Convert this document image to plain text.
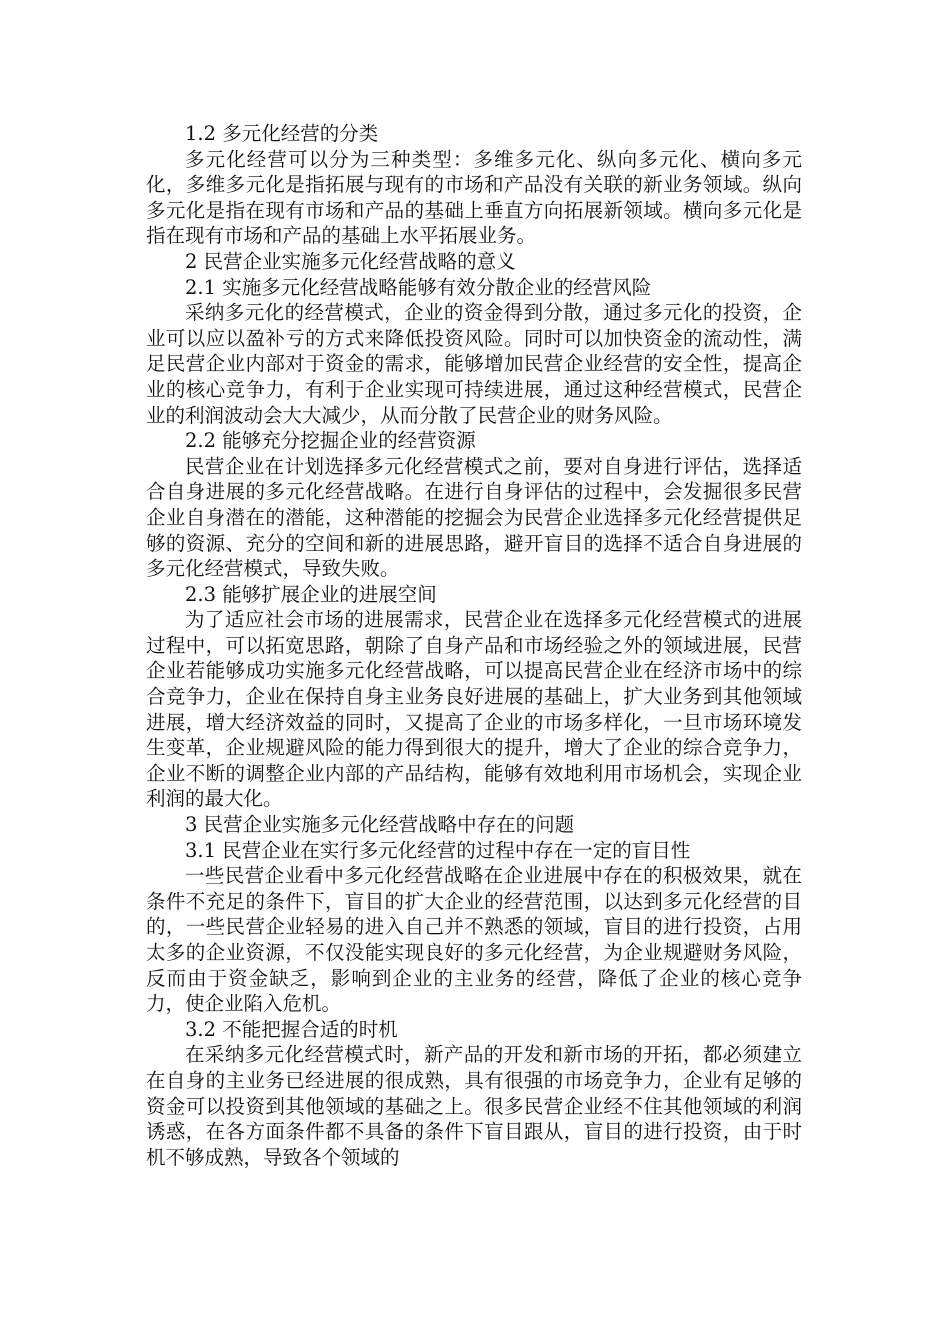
1.2 多元化经营的分类

多元化经营可以分为三种类型：多维多元化、纵向多元化、横向多元化，多维多元化是指拓展与现有的市场和产品没有关联的新业务领域。纵向多元化是指在现有市场和产品的基础上垂直方向拓展新领域。横向多元化是指在现有市场和产品的基础上水平拓展业务。

2 民营企业实施多元化经营战略的意义

2.1 实施多元化经营战略能够有效分散企业的经营风险

采纳多元化的经营模式，企业的资金得到分散，通过多元化的投资，企业可以应以盈补亏的方式来降低投资风险。同时可以加快资金的流动性，满足民营企业内部对于资金的需求，能够增加民营企业经营的安全性，提高企业的核心竞争力，有利于企业实现可持续进展，通过这种经营模式，民营企业的利润波动会大大减少，从而分散了民营企业的财务风险。

2.2 能够充分挖掘企业的经营资源

民营企业在计划选择多元化经营模式之前，要对自身进行评估，选择适合自身进展的多元化经营战略。在进行自身评估的过程中，会发掘很多民营企业自身潜在的潜能，这种潜能的挖掘会为民营企业选择多元化经营提供足够的资源、充分的空间和新的进展思路，避开盲目的选择不适合自身进展的多元化经营模式，导致失败。

2.3 能够扩展企业的进展空间

为了适应社会市场的进展需求，民营企业在选择多元化经营模式的进展过程中，可以拓宽思路，朝除了自身产品和市场经验之外的领域进展，民营企业若能够成功实施多元化经营战略，可以提高民营企业在经济市场中的综合竞争力，企业在保持自身主业务良好进展的基础上，扩大业务到其他领域进展，增大经济效益的同时，又提高了企业的市场多样化，一旦市场环境发生变革，企业规避风险的能力得到很大的提升，增大了企业的综合竞争力，企业不断的调整企业内部的产品结构，能够有效地利用市场机会，实现企业利润的最大化。

3 民营企业实施多元化经营战略中存在的问题

3.1 民营企业在实行多元化经营的过程中存在一定的盲目性

一些民营企业看中多元化经营战略在企业进展中存在的积极效果，就在条件不充足的条件下，盲目的扩大企业的经营范围，以达到多元化经营的目的，一些民营企业轻易的进入自己并不熟悉的领域，盲目的进行投资，占用太多的企业资源，不仅没能实现良好的多元化经营，为企业规避财务风险，反而由于资金缺乏，影响到企业的主业务的经营，降低了企业的核心竞争力，使企业陷入危机。

3.2 不能把握合适的时机

在采纳多元化经营模式时，新产品的开发和新市场的开拓，都必须建立在自身的主业务已经进展的很成熟，具有很强的市场竞争力，企业有足够的资金可以投资到其他领域的基础之上。很多民营企业经不住其他领域的利润诱惑，在各方面条件都不具备的条件下盲目跟从，盲目的进行投资，由于时机不够成熟，导致各个领域的
